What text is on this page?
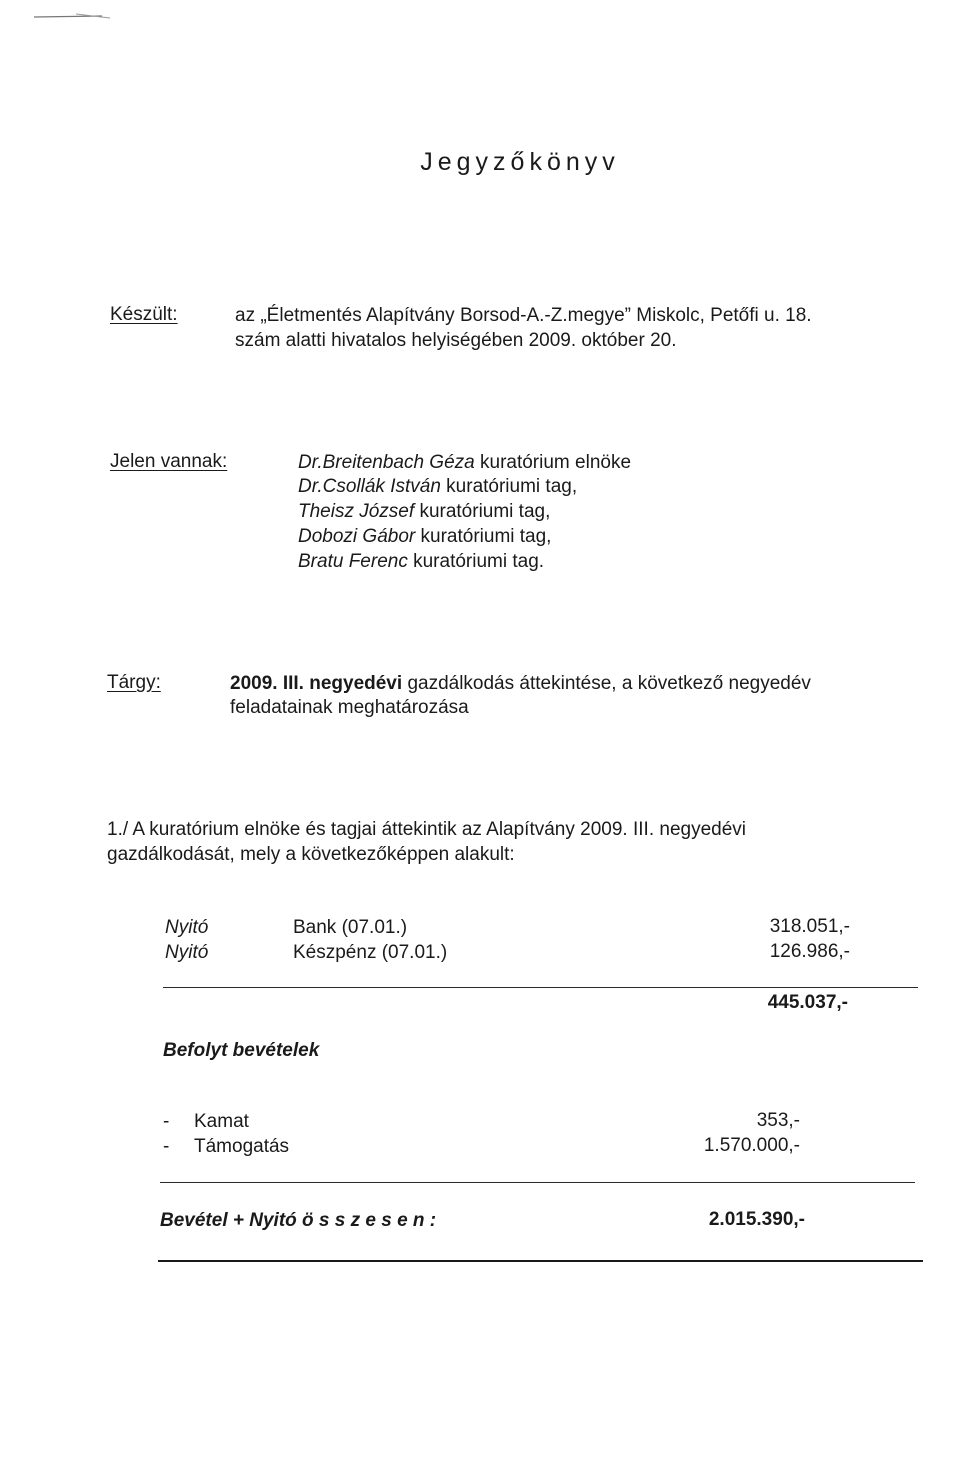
Jegyzőkönyv
Készült:	az „Életmentés Alapítvány Borsod-A.-Z.megye” Miskolc, Petőfi u. 18.
szám alatti hivatalos helyiségében 2009. október 20.
Jelen vannak:	Dr.Breitenbach Géza kuratórium elnöke
Dr.Csollák István kuratóriumi tag,
Theisz József kuratóriumi tag,
Dobozi Gábor kuratóriumi tag,
Bratu Ferenc kuratóriumi tag.
Tárgy:	2009. III. negyedévi gazdálkodás áttekintése, a következő negyedév
feladatainak meghatározása
1./ A kuratórium elnöke és tagjai áttekintik az Alapítvány 2009. III. negyedévi
gazdálkodását, mely a következőképpen alakult:
Nyitó	Bank (07.01.)	318.051,-
Nyitó	Készpénz (07.01.)	126.986,-
445.037,-
Befolyt bevételek
- Kamat	353,-
- Támogatás	1.570.000,-
Bevétel + Nyitó ö s s z e s e n :	2.015.390,-
